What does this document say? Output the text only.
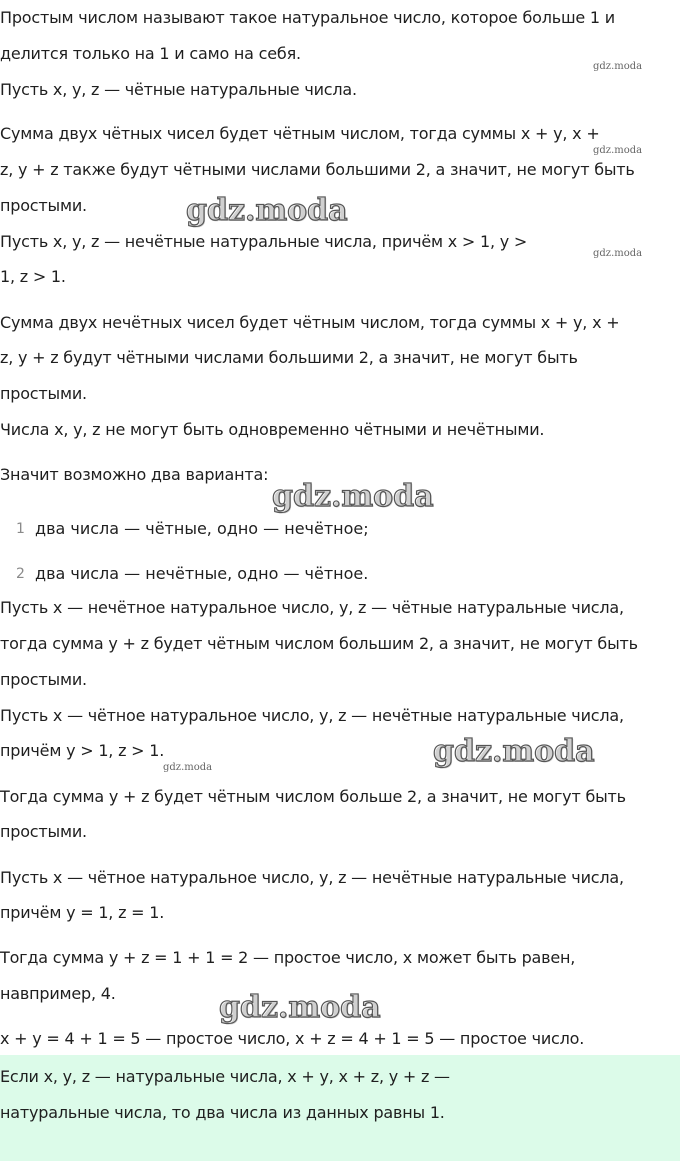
Простым числом называют такое натуральное число, которое больше 1 и
делится только на 1 и само на себя.
Пусть x, y, z — чётные натуральные числа.
Сумма двух чётных чисел будет чётным числом, тогда суммы x + y, x +
z, y + z также будут чётными числами большими 2, а значит, не могут быть
простыми.
Пусть x, y, z — нечётные натуральные числа, причём x > 1, y >
1, z > 1.
Сумма двух нечётных чисел будет чётным числом, тогда суммы x + y, x +
z, y + z будут чётными числами большими 2, а значит, не могут быть
простыми.
Числа x, y, z не могут быть одновременно чётными и нечётными.
Значит возможно два варианта:
1 два числа — чётные, одно — нечётное;
2 два числа — нечётные, одно — чётное.
Пусть x — нечётное натуральное число, y, z — чётные натуральные числа,
тогда сумма y + z будет чётным числом большим 2, а значит, не могут быть
простыми.
Пусть x — чётное натуральное число, y, z — нечётные натуральные числа,
причём y > 1, z > 1.
Тогда сумма y + z будет чётным числом больше 2, а значит, не могут быть
простыми.
Пусть x — чётное натуральное число, y, z — нечётные натуральные числа,
причём y = 1, z = 1.
Тогда сумма y + z = 1 + 1 = 2 — простое число, x может быть равен,
навпример, 4.
x + y = 4 + 1 = 5 — простое число, x + z = 4 + 1 = 5 — простое число.
Если x, y, z — натуральные числа, x + y, x + z, y + z —
натуральные числа, то два числа из данных равны 1.
gdz.moda
gdz.moda
gdz.moda
gdz.moda
gdz.moda
gdz.moda
gdz.moda
gdz.moda
